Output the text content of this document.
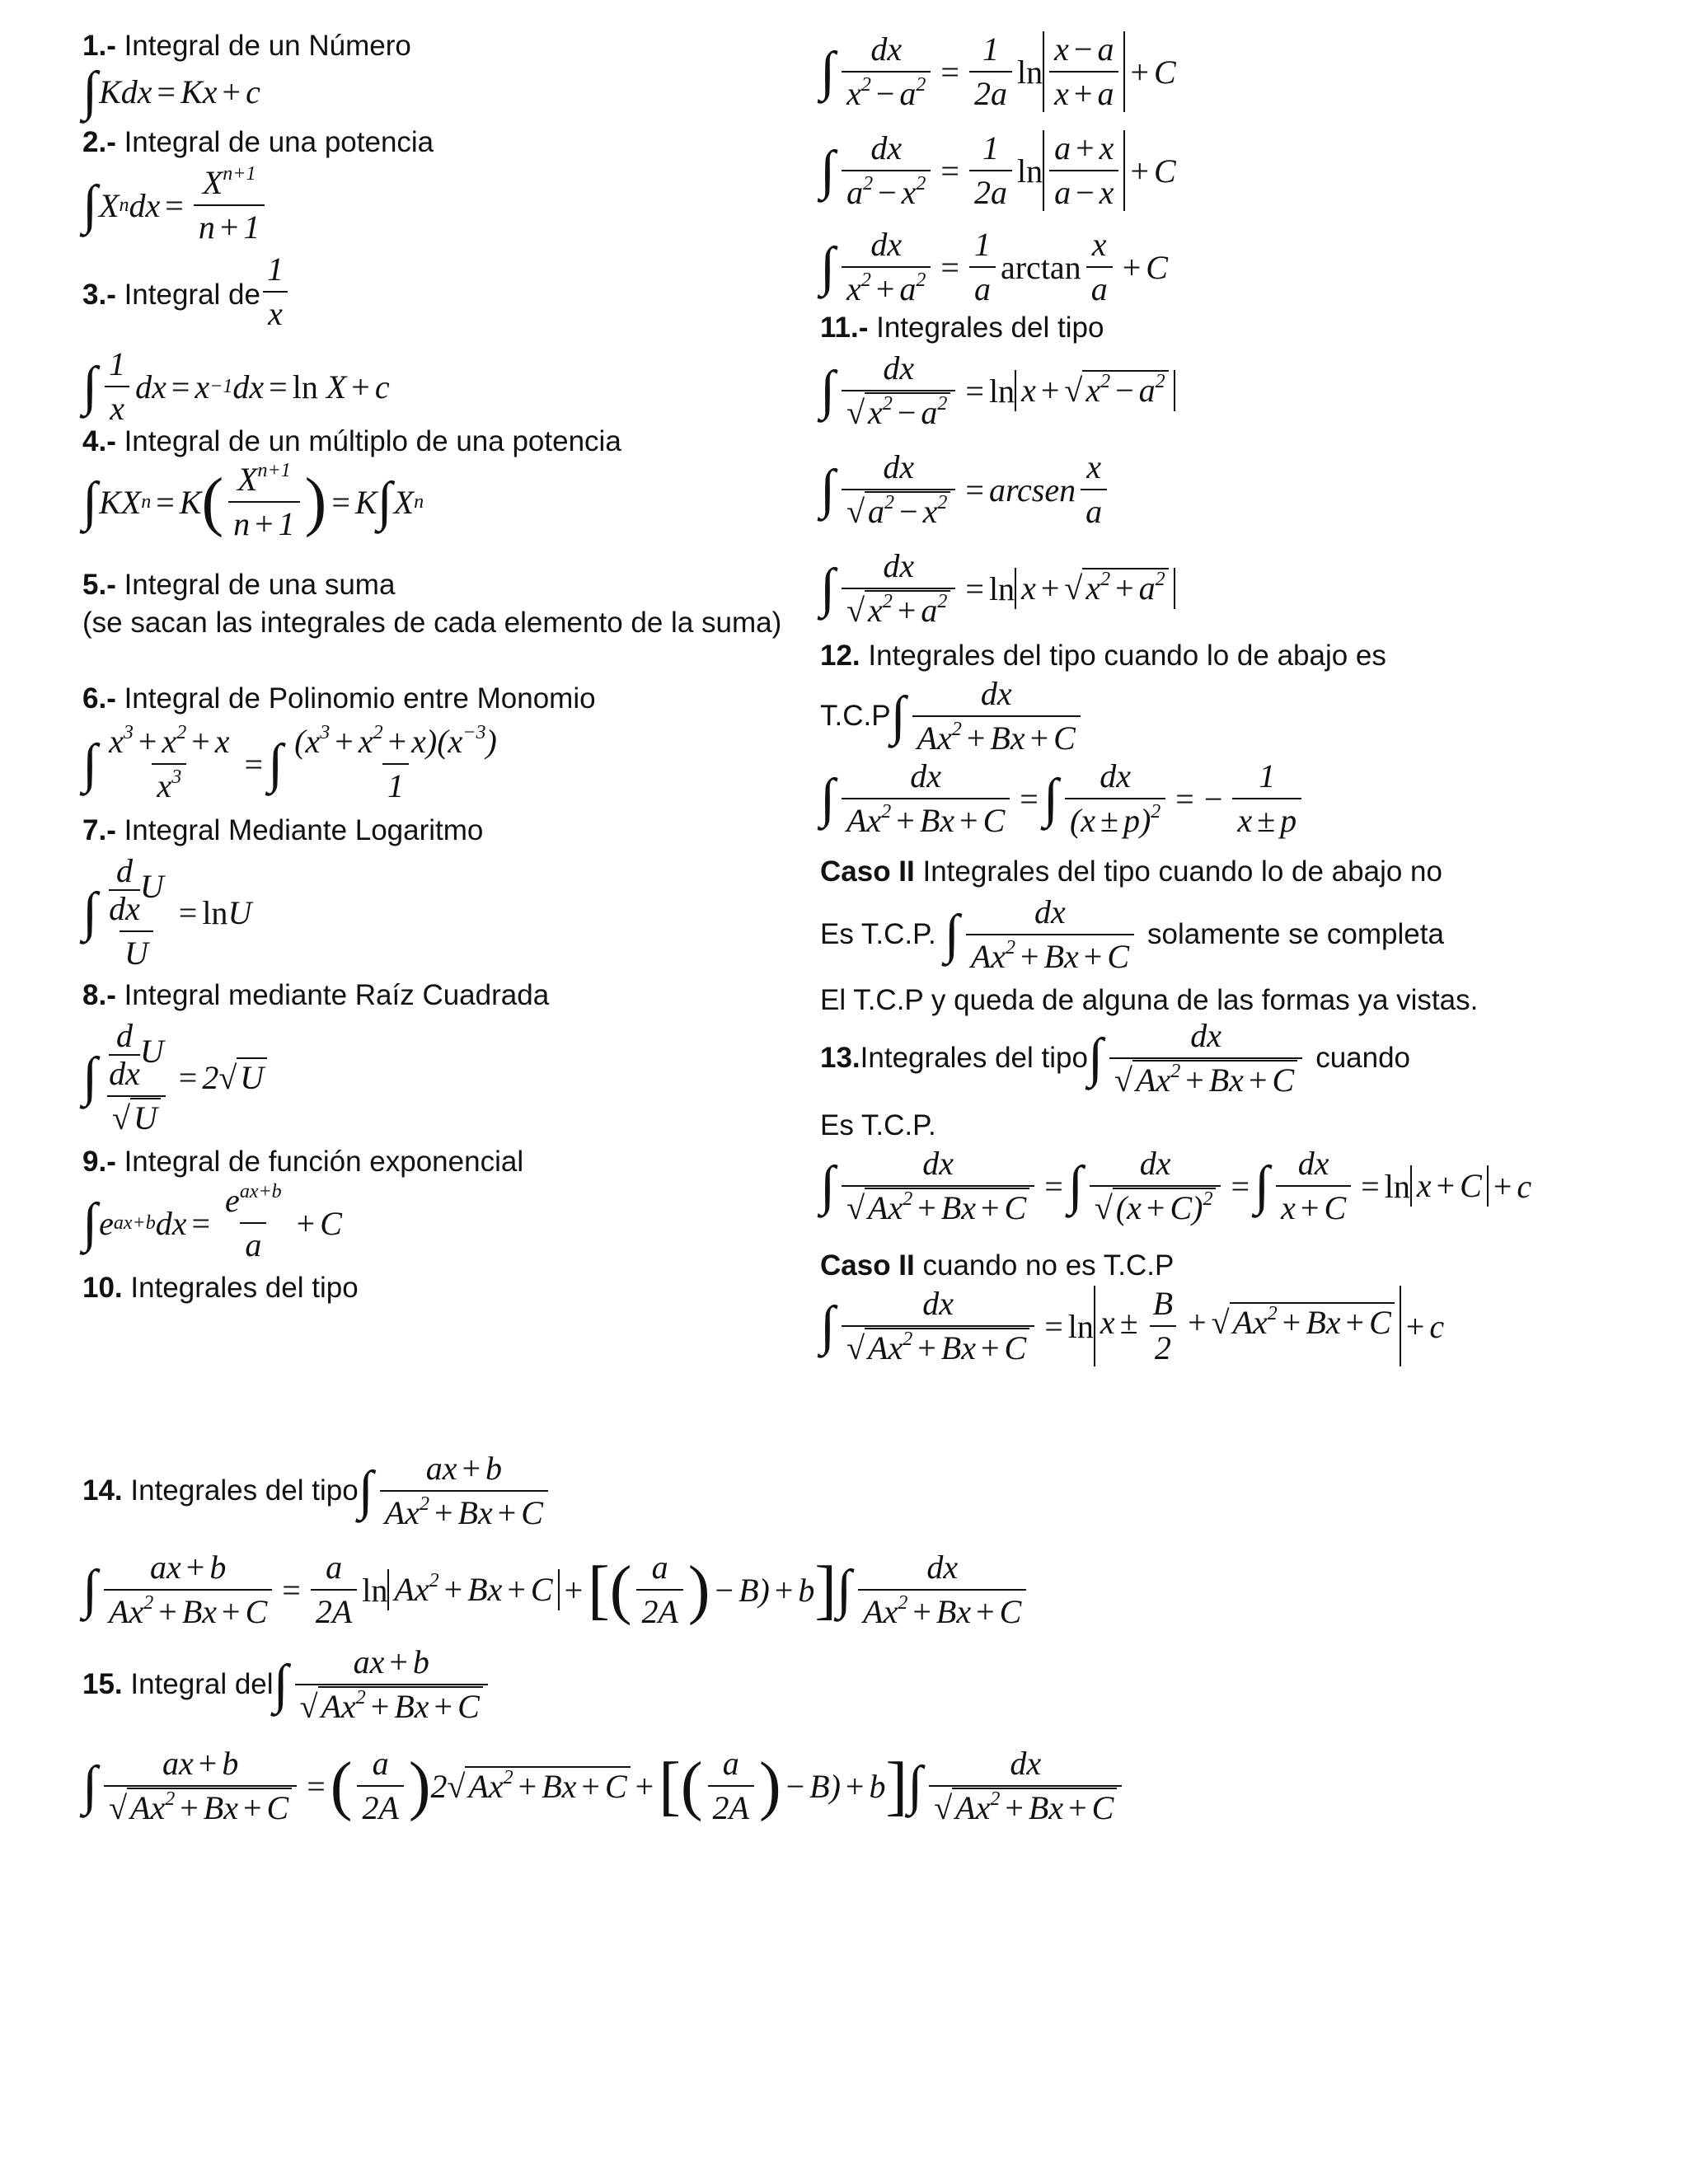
1.- Integral de un Número
∫ Kdx = Kx + c
2.- Integral de una potencia
∫ X n dx = $\frac{X^{n+1}}{n + 1}$
3.- Integral de $\frac{1}{x}$
∫ $\frac{1}{x}$ dx = x −1 dx = ln X + c
4.- Integral de un múltiplo de una potencia
∫ KX n = K ( $\frac{X^{n+1}}{n + 1}$ ) = K ∫ X n
5.- Integral de una suma
(se sacan las integrales de cada elemento de la suma)
6.- Integral de Polinomio entre Monomio
∫ $\frac{x^3 + x^2 + x}{x^3}$ = ∫ $\frac{(x^3 + x^2 + x)(x^{-3})}{1}$
7.- Integral Mediante Logaritmo
∫ $\frac{\frac{d}{dx} U}{U} = \ln U$
8.- Integral mediante Raíz Cuadrada
∫ $\frac{\frac{d}{dx} U}{√ U} = 2$ √ U
9.- Integral de función exponencial
∫ e ax+b dx = $\frac{e^{ax+b}}{a} + C$
10. Integrales del tipo
∫ $\frac{dx}{x^2 - a^2} = \frac{1}{2a}$ $\ln \frac{x - a}{x + a} + C$
∫ $\frac{dx}{a^2 - x^2} = \frac{1}{2a}$ $\ln \frac{a + x}{a - x} + C$
∫ $\frac{dx}{x^2 + a^2} = \frac{1}{a}$ $\arctan \frac{x}{a} + C$
11.- Integrales del tipo
∫ $\frac{dx}{√ x^2 - a^2} = \ln x$ + √ $x^2 - a^2$
∫ $\frac{dx}{√ a^2 - x^2}$ = arcsen $\frac{x}{a}$
∫ $\frac{dx}{√ x^2 + a^2} = \ln x$ + √ $x^2 + a^2$
12. Integrales del tipo cuando lo de abajo es
T.C.P ∫ $\frac{dx}{Ax^2 + Bx + C}$
∫ $\frac{dx}{Ax^2 + Bx + C}$ = ∫ $\frac{dx}{(x \pm p)^2}$ = − $\frac{1}{x \pm p}$
Caso II Integrales del tipo cuando lo de abajo no
Es T.C.P.
∫ $\frac{dx}{Ax^2 + Bx + C}$
solamente se completa
El T.C.P y queda de alguna de las formas ya vistas.
13.Integrales del tipo ∫ $\frac{dx}{√ Ax^2 + Bx + C}$
cuando
Es T.C.P.
∫ $\frac{dx}{√ Ax^2 + Bx + C}$ = ∫ $\frac{dx}{√ (x + C)^2}$ = ∫ $\frac{dx}{x + C} = \ln x + C + c$
Caso II cuando no es T.C.P
∫ $\frac{dx}{√ Ax^2 + Bx + C} = \ln x \pm \frac{B}{2}$ + √ $Ax^2 + Bx + C + c$
14. Integrales del tipo ∫ $\frac{ax + b}{Ax^2 + Bx + C}$
∫ $\frac{ax + b}{Ax^2 + Bx + C} = \frac{a}{2A}$ $\ln Ax^2 + Bx + C$ + [ ( $\frac{a}{2A}$ ) − B) + b ] ∫ $\frac{dx}{Ax^2 + Bx + C}$
15. Integral del ∫ $\frac{ax + b}{√ Ax^2 + Bx + C}$
∫ $\frac{ax + b}{√ Ax^2 + Bx + C}$ = ( $\frac{a}{2A}$ ) 2 √ $Ax^2 + Bx + C$ + [ ( $\frac{a}{2A}$ ) − B) + b ] ∫ $\frac{dx}{√ Ax^2 + Bx + C}$
